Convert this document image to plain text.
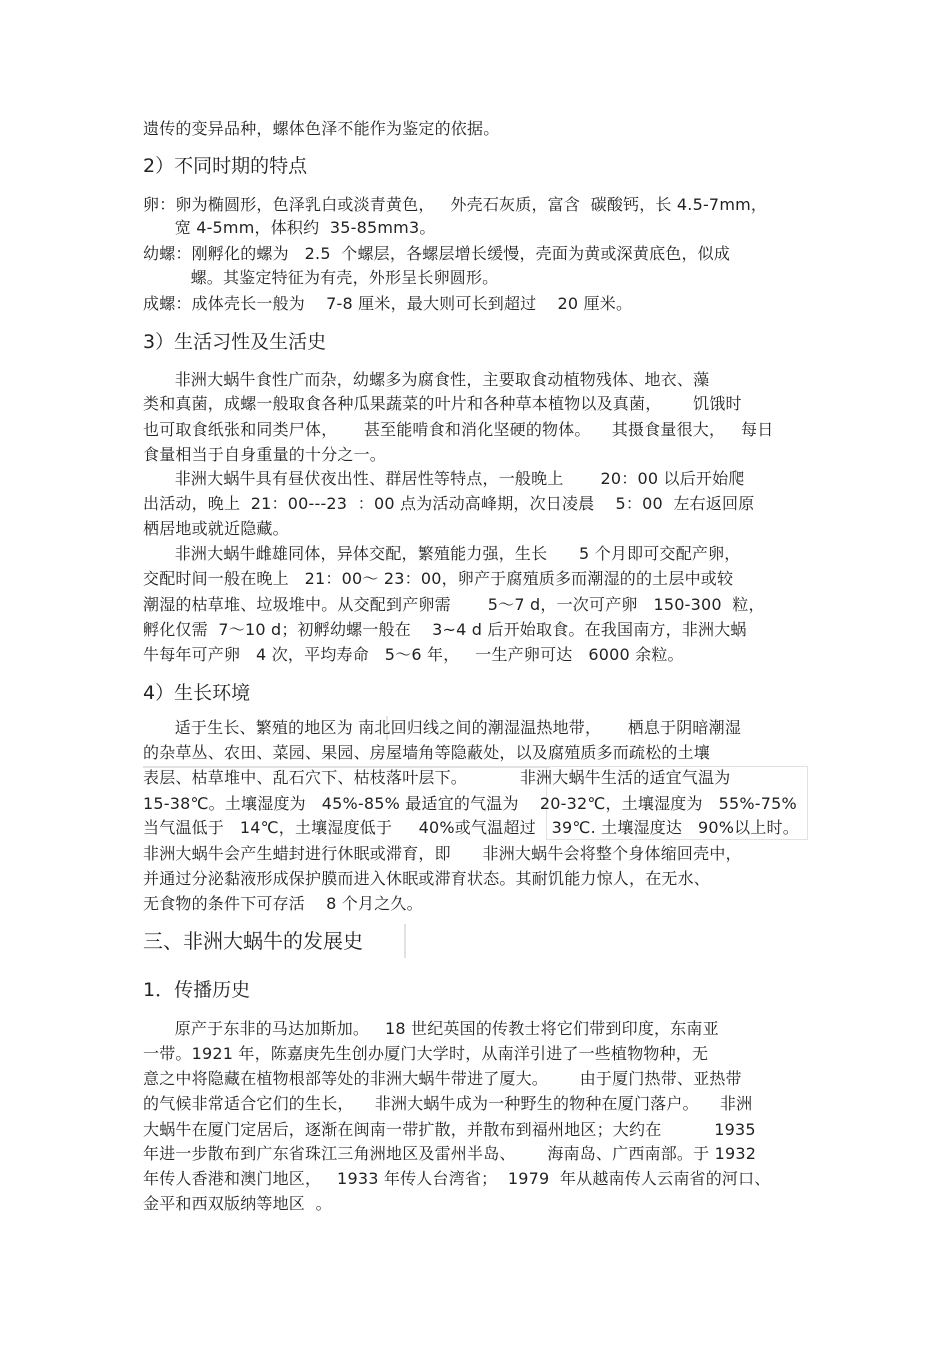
遗传的变异品种，螺体色泽不能作为鉴定的依据。
2）不同时期的特点
卵：卵为椭圆形，色泽乳白或淡青黄色，   外壳石灰质，富含  碳酸钙，长 4.5-7mm，
宽 4-5mm，体积约  35-85mm3。
幼螺：刚孵化的螺为   2.5  个螺层，各螺层增长缓慢，壳面为黄或深黄底色，似成
螺。其鉴定特征为有壳，外形呈长卵圆形。
成螺：成体壳长一般为    7-8 厘米，最大则可长到超过    20 厘米。
3）生活习性及生活史
非洲大蜗牛食性广而杂，幼螺多为腐食性，主要取食动植物残体、地衣、藻
类和真菌，成螺一般取食各种瓜果蔬菜的叶片和各种草本植物以及真菌，      饥饿时
也可取食纸张和同类尸体，     甚至能啃食和消化坚硬的物体。    其摄食量很大，   每日
食量相当于自身重量的十分之一。
非洲大蜗牛具有昼伏夜出性、群居性等特点，一般晚上       20：00 以后开始爬
出活动，晚上  21：00---23  ：00 点为活动高峰期，次日凌晨    5：00  左右返回原
栖居地或就近隐藏。
非洲大蜗牛雌雄同体，异体交配，繁殖能力强，生长      5 个月即可交配产卵，
交配时间一般在晚上   21：00～ 23：00，卵产于腐殖质多而潮湿的的土层中或较
潮湿的枯草堆、垃圾堆中。从交配到产卵需       5～7 d，一次可产卵   150-300  粒，
孵化仅需  7～10 d；初孵幼螺一般在    3~4 d 后开始取食。在我国南方，非洲大蜗
牛每年可产卵   4 次，平均寿命   5～6 年，   一生产卵可达   6000 余粒。
4）生长环境
适于生长、繁殖的地区为 南北回归线之间的潮湿温热地带，     栖息于阴暗潮湿
的杂草丛、农田、菜园、果园、房屋墙角等隐蔽处，以及腐殖质多而疏松的土壤
表层、枯草堆中、乱石穴下、枯枝落叶层下。          非洲大蜗牛生活的适宜气温为
15-38℃。土壤湿度为   45%-85% 最适宜的气温为    20-32℃，土壤湿度为   55%-75%
当气温低于   14℃，土壤湿度低于     40%或气温超过   39℃. 土壤湿度达   90%以上时。
非洲大蜗牛会产生蜡封进行休眠或滞育，即      非洲大蜗牛会将整个身体缩回壳中，
并通过分泌黏液形成保护膜而进入休眠或滞育状态。其耐饥能力惊人，在无水、
无食物的条件下可存活    8 个月之久。
三、非洲大蜗牛的发展史
1．传播历史
原产于东非的马达加斯加。   18 世纪英国的传教士将它们带到印度，东南亚
一带。1921 年，陈嘉庚先生创办厦门大学时，从南洋引进了一些植物物种，无
意之中将隐藏在植物根部等处的非洲大蜗牛带进了厦大。      由于厦门热带、亚热带
的气候非常适合它们的生长，    非洲大蜗牛成为一种野生的物种在厦门落户。    非洲
大蜗牛在厦门定居后，逐渐在闽南一带扩散，并散布到福州地区；大约在          1935
年进一步散布到广东省珠江三角洲地区及雷州半岛、      海南岛、广西南部。于 1932
年传人香港和澳门地区，   1933 年传人台湾省；  1979  年从越南传人云南省的河口、
金平和西双版纳等地区  。
